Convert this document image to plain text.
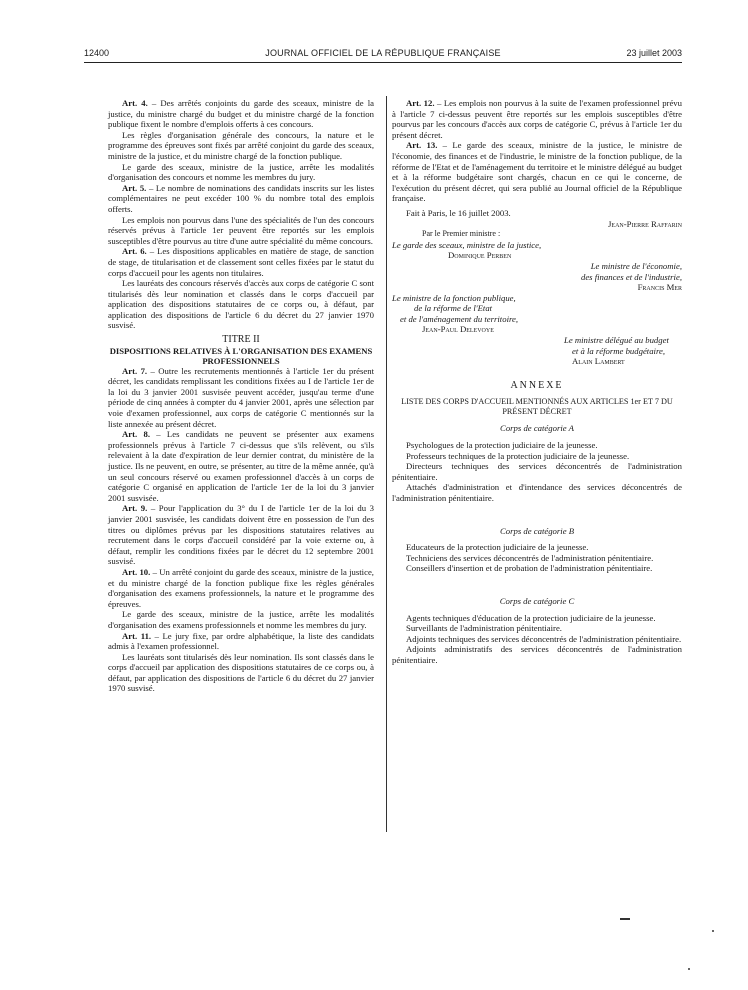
12400	JOURNAL OFFICIEL DE LA RÉPUBLIQUE FRANÇAISE	23 juillet 2003

Art. 4. – Des arrêtés conjoints du garde des sceaux, ministre de la justice, du ministre chargé du budget et du ministre chargé de la fonction publique fixent le nombre d'emplois offerts à ces concours.

Les règles d'organisation générale des concours, la nature et le programme des épreuves sont fixés par arrêté conjoint du garde des sceaux, ministre de la justice, et du ministre chargé de la fonction publique.

Le garde des sceaux, ministre de la justice, arrête les modalités d'organisation des concours et nomme les membres du jury.

Art. 5. – Le nombre de nominations des candidats inscrits sur les listes complémentaires ne peut excéder 100 % du nombre total des emplois offerts.

Les emplois non pourvus dans l'une des spécialités de l'un des concours réservés prévus à l'article 1er peuvent être reportés sur les emplois susceptibles d'être pourvus au titre d'une autre spécialité du même concours.

Art. 6. – Les dispositions applicables en matière de stage, de sanction de stage, de titularisation et de classement sont celles fixées par le statut du corps d'accueil pour les agents non titulaires.

Les lauréats des concours réservés d'accès aux corps de catégorie C sont titularisés dès leur nomination et classés dans le corps d'accueil par application des dispositions statutaires de ce corps ou, à défaut, par application des dispositions de l'article 6 du décret du 27 janvier 1970 susvisé.

TITRE II

DISPOSITIONS RELATIVES À L'ORGANISATION DES EXAMENS PROFESSIONNELS

Art. 7. – Outre les recrutements mentionnés à l'article 1er du présent décret, les candidats remplissant les conditions fixées au I de l'article 1er de la loi du 3 janvier 2001 susvisée peuvent accéder, jusqu'au terme d'une période de cinq années à compter du 4 janvier 2001, après une sélection par voie d'examen professionnel, aux corps de catégorie C mentionnés sur la liste annexée au présent décret.

Art. 8. – Les candidats ne peuvent se présenter aux examens professionnels prévus à l'article 7 ci-dessus que s'ils relèvent, ou s'ils relevaient à la date d'expiration de leur dernier contrat, du ministère de la justice. Ils ne peuvent, en outre, se présenter, au titre de la même année, qu'à un seul concours réservé ou examen professionnel d'accès à un corps de catégorie C organisé en application de l'article 1er de la loi du 3 janvier 2001 susvisée.

Art. 9. – Pour l'application du 3° du I de l'article 1er de la loi du 3 janvier 2001 susvisée, les candidats doivent être en possession de l'un des titres ou diplômes prévus par les dispositions statutaires relatives au recrutement dans le corps d'accueil considéré par la voie externe ou, à défaut, remplir les conditions fixées par le décret du 12 septembre 2001 susvisé.

Art. 10. – Un arrêté conjoint du garde des sceaux, ministre de la justice, et du ministre chargé de la fonction publique fixe les règles générales d'organisation des examens professionnels, la nature et le programme des épreuves.

Le garde des sceaux, ministre de la justice, arrête les modalités d'organisation des examens professionnels et nomme les membres du jury.

Art. 11. – Le jury fixe, par ordre alphabétique, la liste des candidats admis à l'examen professionnel.

Les lauréats sont titularisés dès leur nomination. Ils sont classés dans le corps d'accueil par application des dispositions statutaires de ce corps ou, à défaut, par application des dispositions de l'article 6 du décret du 27 janvier 1970 susvisé.

Art. 12. – Les emplois non pourvus à la suite de l'examen professionnel prévu à l'article 7 ci-dessus peuvent être reportés sur les emplois susceptibles d'être pourvus par les concours d'accès aux corps de catégorie C, prévus à l'article 1er du présent décret.

Art. 13. – Le garde des sceaux, ministre de la justice, le ministre de l'économie, des finances et de l'industrie, le ministre de la fonction publique, de la réforme de l'Etat et de l'aménagement du territoire et le ministre délégué au budget et à la réforme budgétaire sont chargés, chacun en ce qui le concerne, de l'exécution du présent décret, qui sera publié au Journal officiel de la République française.

Fait à Paris, le 16 juillet 2003.

Jean-Pierre Raffarin

Par le Premier ministre :

Le garde des sceaux, ministre de la justice,

Dominique Perben

Le ministre de l'économie,

des finances et de l'industrie,

Francis Mer

Le ministre de la fonction publique,

de la réforme de l'Etat

et de l'aménagement du territoire,

Jean-Paul Delevoye

Le ministre délégué au budget

et à la réforme budgétaire,

Alain Lambert

ANNEXE

LISTE DES CORPS D'ACCUEIL MENTIONNÉS AUX ARTICLES 1er ET 7 DU PRÉSENT DÉCRET

Corps de catégorie A

Psychologues de la protection judiciaire de la jeunesse.

Professeurs techniques de la protection judiciaire de la jeunesse.

Directeurs techniques des services déconcentrés de l'administration pénitentiaire.

Attachés d'administration et d'intendance des services déconcentrés de l'administration pénitentiaire.

Corps de catégorie B

Educateurs de la protection judiciaire de la jeunesse.

Techniciens des services déconcentrés de l'administration pénitentiaire.

Conseillers d'insertion et de probation de l'administration pénitentiaire.

Corps de catégorie C

Agents techniques d'éducation de la protection judiciaire de la jeunesse.

Surveillants de l'administration pénitentiaire.

Adjoints techniques des services déconcentrés de l'administration pénitentiaire.

Adjoints administratifs des services déconcentrés de l'administration pénitentiaire.
